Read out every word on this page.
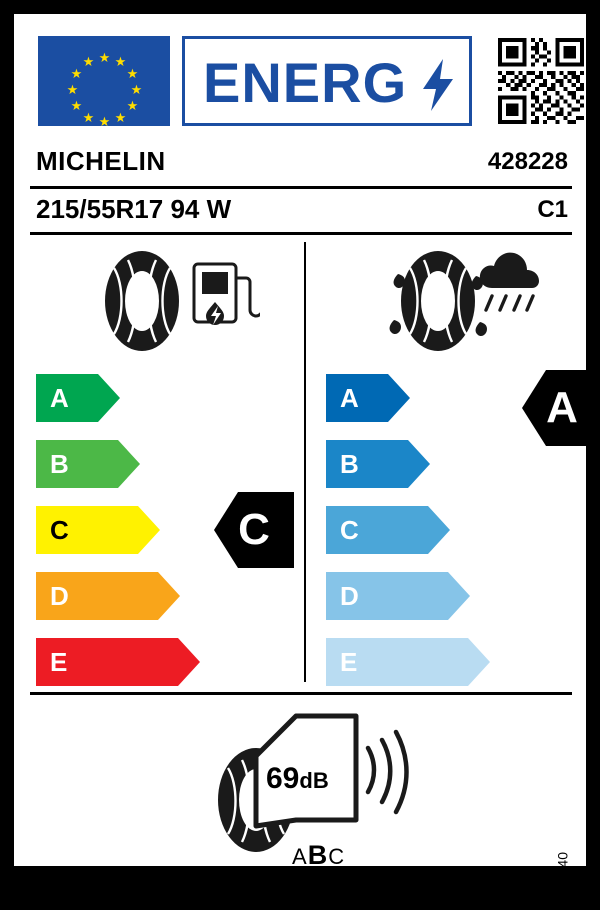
★ ★
★
★
★
★
★
★
★
★
★
★ ENERG
MICHELIN	428228
215/55R17 94 W	C1
A
B
C
D
E
A
B
C
D
E
C
A
69dB
ABC	2020/740
